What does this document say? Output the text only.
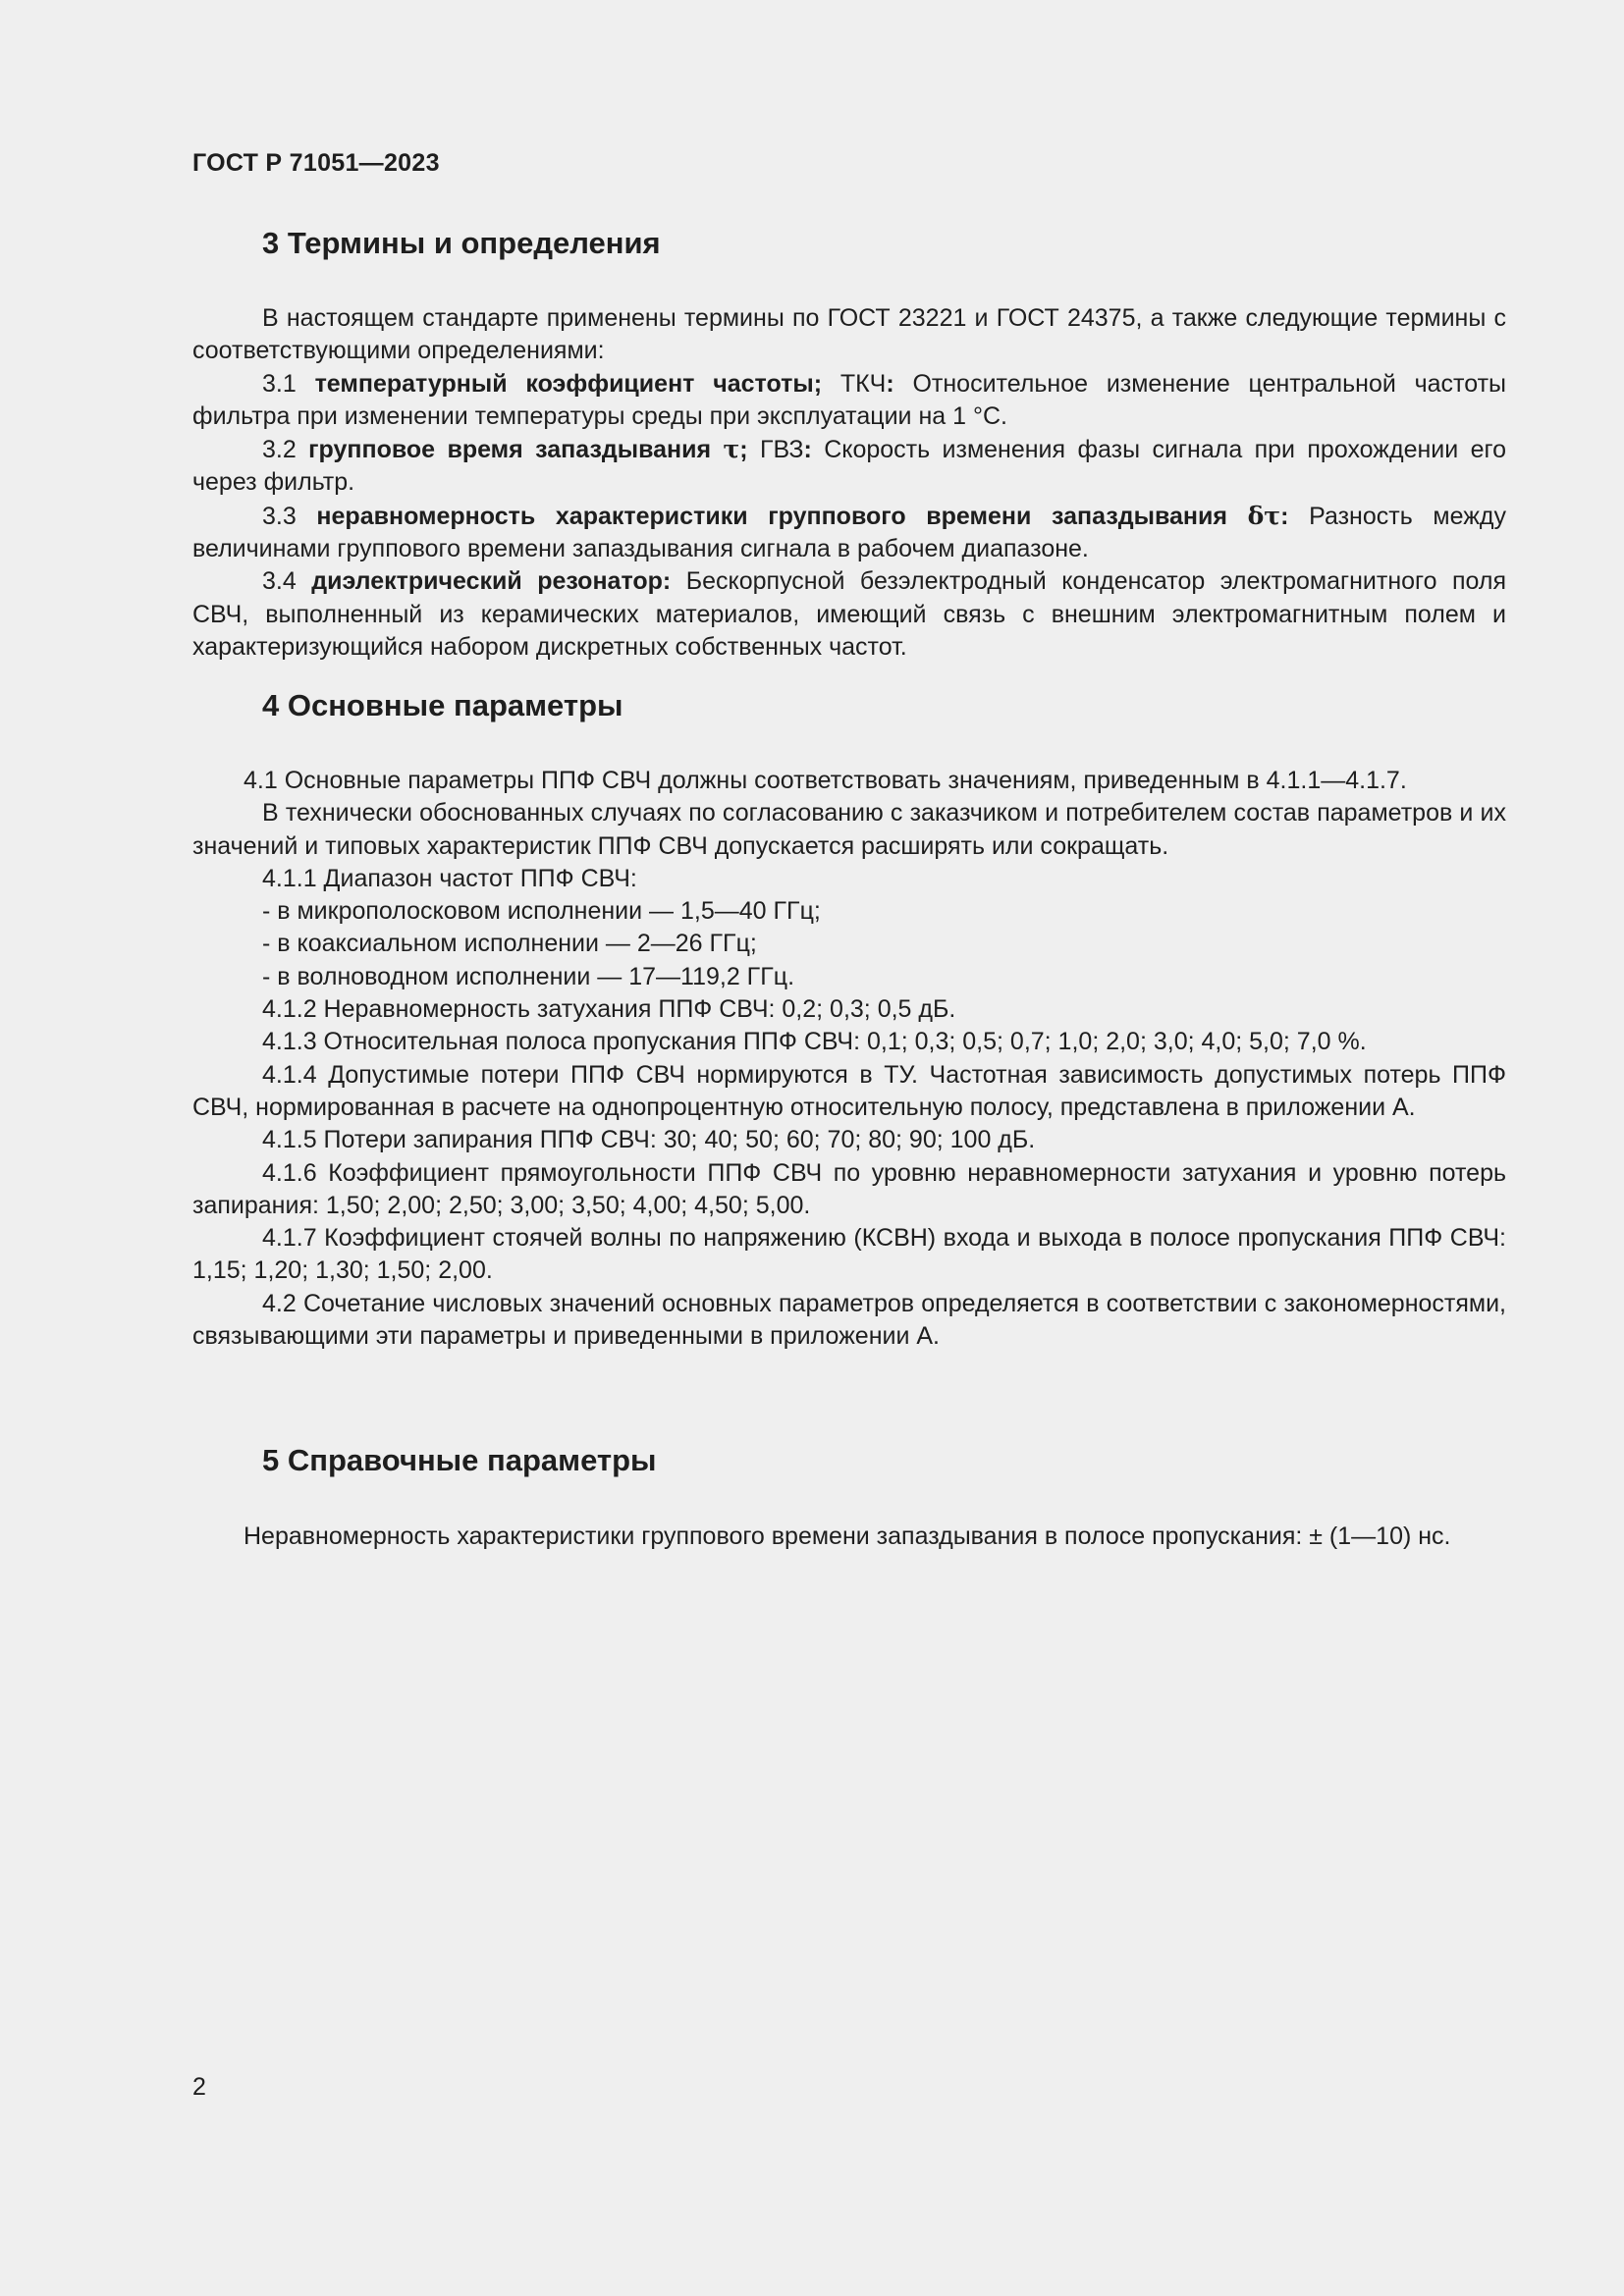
ГОСТ Р 71051—2023
3 Термины и определения

В настоящем стандарте применены термины по ГОСТ 23221 и ГОСТ 24375, а также следующие термины с соответствующими определениями:

3.1 температурный коэффициент частоты; ТКЧ: Относительное изменение центральной частоты фильтра при изменении температуры среды при эксплуатации на 1 °С.

3.2 групповое время запаздывания τ; ГВЗ: Скорость изменения фазы сигнала при прохождении его через фильтр.

3.3 неравномерность характеристики группового времени запаздывания δτ: Разность между величинами группового времени запаздывания сигнала в рабочем диапазоне.

3.4 диэлектрический резонатор: Бескорпусной безэлектродный конденсатор электромагнитного поля СВЧ, выполненный из керамических материалов, имеющий связь с внешним электромагнитным полем и характеризующийся набором дискретных собственных частот.

4 Основные параметры

4.1 Основные параметры ППФ СВЧ должны соответствовать значениям, приведенным в 4.1.1—4.1.7.

В технически обоснованных случаях по согласованию с заказчиком и потребителем состав параметров и их значений и типовых характеристик ППФ СВЧ допускается расширять или сокращать.

4.1.1 Диапазон частот ППФ СВЧ:

- в микрополосковом исполнении — 1,5—40 ГГц;

- в коаксиальном исполнении — 2—26 ГГц;

- в волноводном исполнении — 17—119,2 ГГц.

4.1.2 Неравномерность затухания ППФ СВЧ: 0,2; 0,3; 0,5 дБ.

4.1.3 Относительная полоса пропускания ППФ СВЧ: 0,1; 0,3; 0,5; 0,7; 1,0; 2,0; 3,0; 4,0; 5,0; 7,0 %.

4.1.4 Допустимые потери ППФ СВЧ нормируются в ТУ. Частотная зависимость допустимых потерь ППФ СВЧ, нормированная в расчете на однопроцентную относительную полосу, представлена в приложении А.

4.1.5 Потери запирания ППФ СВЧ: 30; 40; 50; 60; 70; 80; 90; 100 дБ.

4.1.6 Коэффициент прямоугольности ППФ СВЧ по уровню неравномерности затухания и уровню потерь запирания: 1,50; 2,00; 2,50; 3,00; 3,50; 4,00; 4,50; 5,00.

4.1.7 Коэффициент стоячей волны по напряжению (КСВН) входа и выхода в полосе пропускания ППФ СВЧ: 1,15; 1,20; 1,30; 1,50; 2,00.

4.2 Сочетание числовых значений основных параметров определяется в соответствии с закономерностями, связывающими эти параметры и приведенными в приложении А.

5 Справочные параметры

Неравномерность характеристики группового времени запаздывания в полосе пропускания: ± (1—10) нс.

2
